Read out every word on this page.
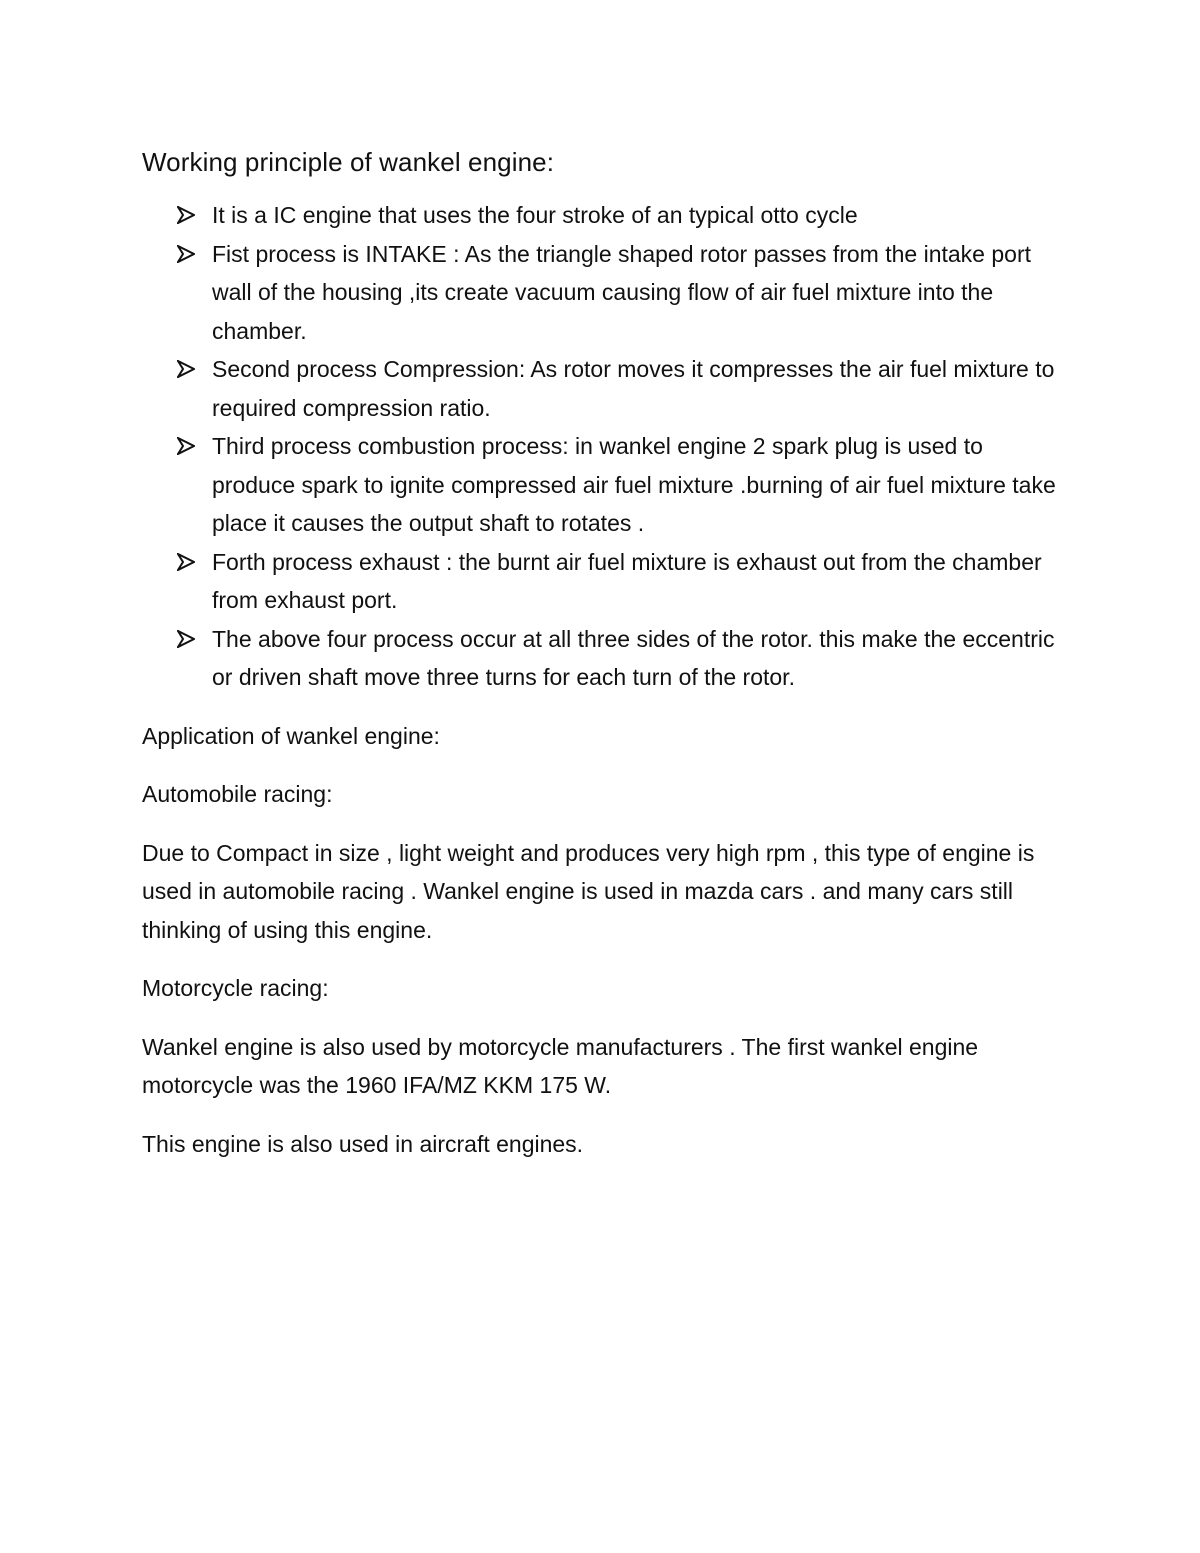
Working principle of wankel engine:
It is a IC engine that uses the four stroke of an typical otto cycle
Fist process is INTAKE : As the triangle shaped rotor passes from the intake port wall of the housing ,its create vacuum causing flow of air fuel mixture into the chamber.
Second process Compression: As rotor moves it compresses the air fuel mixture to required compression ratio.
Third process combustion process: in wankel engine 2 spark plug is used to produce spark to ignite compressed air fuel mixture .burning of air fuel mixture take place it causes the output shaft to rotates .
Forth process exhaust : the burnt air fuel mixture is exhaust out from the chamber from exhaust port.
The above four process occur at all three sides of the rotor. this make the eccentric or driven shaft move three turns for each turn of the rotor.
Application of wankel engine:
Automobile racing:
Due to Compact in size , light weight and produces very high rpm , this type of engine is used in automobile racing . Wankel engine is used in mazda cars . and many cars still thinking of using this engine.
Motorcycle racing:
Wankel engine is also used by motorcycle manufacturers . The first wankel engine motorcycle was the 1960 IFA/MZ KKM 175 W.
This engine is also used in aircraft engines.
